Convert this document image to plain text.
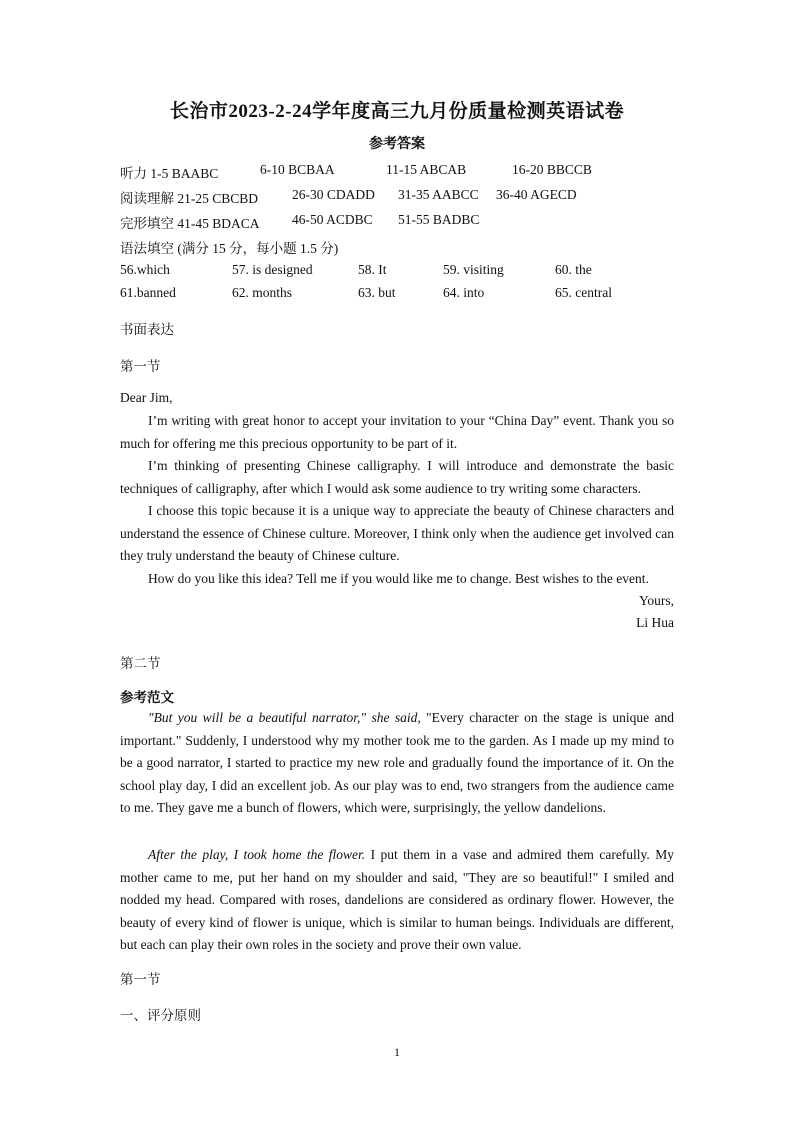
长治市2023-2-24学年度高三九月份质量检测英语试卷
参考答案
听力 1-5 BAABC	6-10 BCBAA	11-15 ABCAB	16-20 BBCCB
阅读理解 21-25 CBCBD	26-30 CDADD 31-35 AABCC 36-40 AGECD
完形填空 41-45 BDACA 46-50 ACDBC 51-55 BADBC
语法填空 (满分 15 分，每小题 1.5 分)
56.which	57. is designed	58. It	59. visiting	60. the
61.banned	62. months	63. but	64. into	65. central
书面表达
第一节
Dear Jim,
I’m writing with great honor to accept your invitation to your “China Day” event. Thank you so much for offering me this precious opportunity to be part of it.
I’m thinking of presenting Chinese calligraphy. I will introduce and demonstrate the basic techniques of calligraphy, after which I would ask some audience to try writing some characters.
I choose this topic because it is a unique way to appreciate the beauty of Chinese characters and understand the essence of Chinese culture. Moreover, I think only when the audience get involved can they truly understand the beauty of Chinese culture.
How do you like this idea? Tell me if you would like me to change. Best wishes to the event.
Yours,
Li Hua
第二节
参考范文
"But you will be a beautiful narrator," she said, "Every character on the stage is unique and important." Suddenly, I understood why my mother took me to the garden. As I made up my mind to be a good narrator, I started to practice my new role and gradually found the importance of it. On the school play day, I did an excellent job. As our play was to end, two strangers from the audience came to me. They gave me a bunch of flowers, which were, surprisingly, the yellow dandelions.
After the play, I took home the flower. I put them in a vase and admired them carefully. My mother came to me, put her hand on my shoulder and said, "They are so beautiful!" I smiled and nodded my head. Compared with roses, dandelions are considered as ordinary flower. However, the beauty of every kind of flower is unique, which is similar to human beings. Individuals are different, but each can play their own roles in the society and prove their own value.
第一节
一、评分原则
1
